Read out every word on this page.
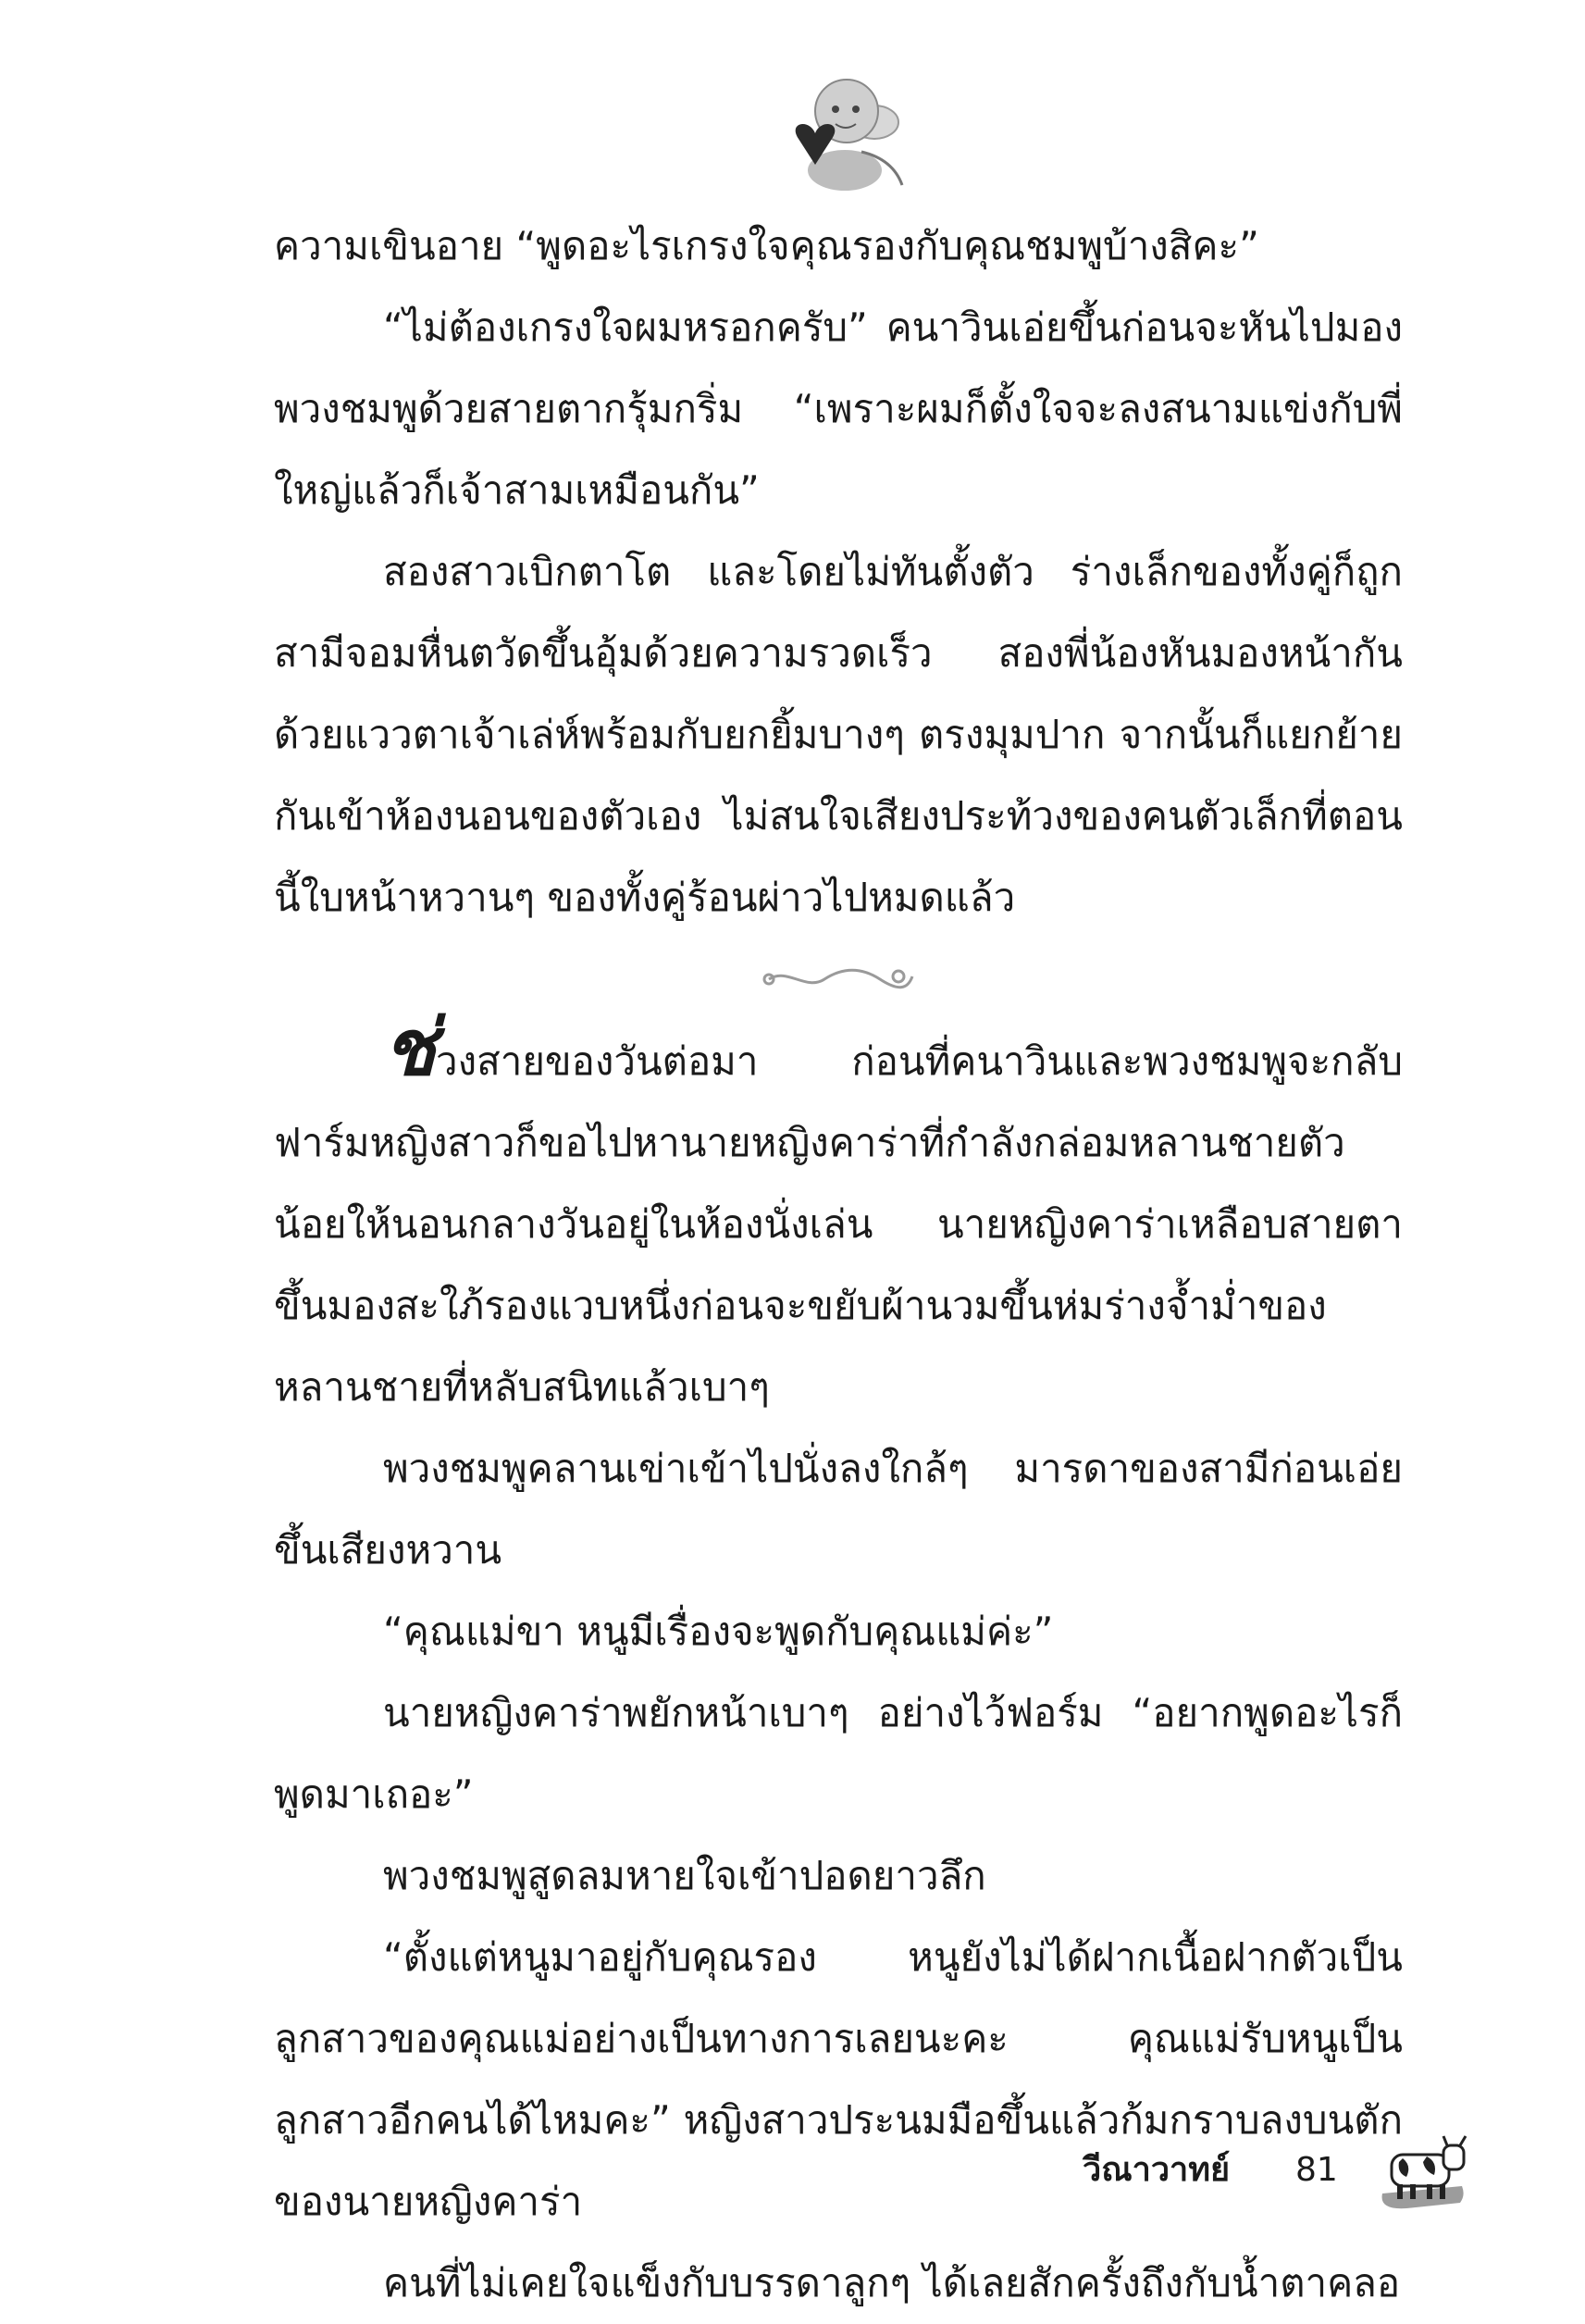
ความเขินอาย “พูดอะไรเกรงใจคุณรองกับคุณชมพูบ้างสิคะ”

“ไม่ต้องเกรงใจผมหรอกครับ” คนาวินเอ่ยขึ้นก่อนจะหันไปมองพวงชมพูด้วยสายตากรุ้มกริ่ม “เพราะผมก็ตั้งใจจะลงสนามแข่งกับพี่ใหญ่แล้วก็เจ้าสามเหมือนกัน”

สองสาวเบิกตาโต และโดยไม่ทันตั้งตัว ร่างเล็กของทั้งคู่ก็ถูกสามีจอมหื่นตวัดขึ้นอุ้มด้วยความรวดเร็ว สองพี่น้องหันมองหน้ากันด้วยแววตาเจ้าเล่ห์พร้อมกับยกยิ้มบางๆ ตรงมุมปาก จากนั้นก็แยกย้ายกันเข้าห้องนอนของตัวเอง ไม่สนใจเสียงประท้วงของคนตัวเล็กที่ตอนนี้ใบหน้าหวานๆ ของทั้งคู่ร้อนผ่าวไปหมดแล้ว

ช่วงสายของวันต่อมา ก่อนที่คนาวินและพวงชมพูจะกลับฟาร์มหญิงสาวก็ขอไปหานายหญิงคาร่าที่กำลังกล่อมหลานชายตัวน้อยให้นอนกลางวันอยู่ในห้องนั่งเล่น นายหญิงคาร่าเหลือบสายตาขึ้นมองสะใภ้รองแวบหนึ่งก่อนจะขยับผ้านวมขึ้นห่มร่างจ้ำม่ำของหลานชายที่หลับสนิทแล้วเบาๆ

พวงชมพูคลานเข่าเข้าไปนั่งลงใกล้ๆ มารดาของสามีก่อนเอ่ยขึ้นเสียงหวาน

“คุณแม่ขา หนูมีเรื่องจะพูดกับคุณแม่ค่ะ”

นายหญิงคาร่าพยักหน้าเบาๆ อย่างไว้ฟอร์ม “อยากพูดอะไรก็พูดมาเถอะ”

พวงชมพูสูดลมหายใจเข้าปอดยาวลึก

“ตั้งแต่หนูมาอยู่กับคุณรอง หนูยังไม่ได้ฝากเนื้อฝากตัวเป็นลูกสาวของคุณแม่อย่างเป็นทางการเลยนะคะ คุณแม่รับหนูเป็นลูกสาวอีกคนได้ไหมคะ” หญิงสาวประนมมือขึ้นแล้วก้มกราบลงบนตักของนายหญิงคาร่า

คนที่ไม่เคยใจแข็งกับบรรดาลูกๆ ได้เลยสักครั้งถึงกับน้ำตาคลอ

วีณาวาทย์ 81
